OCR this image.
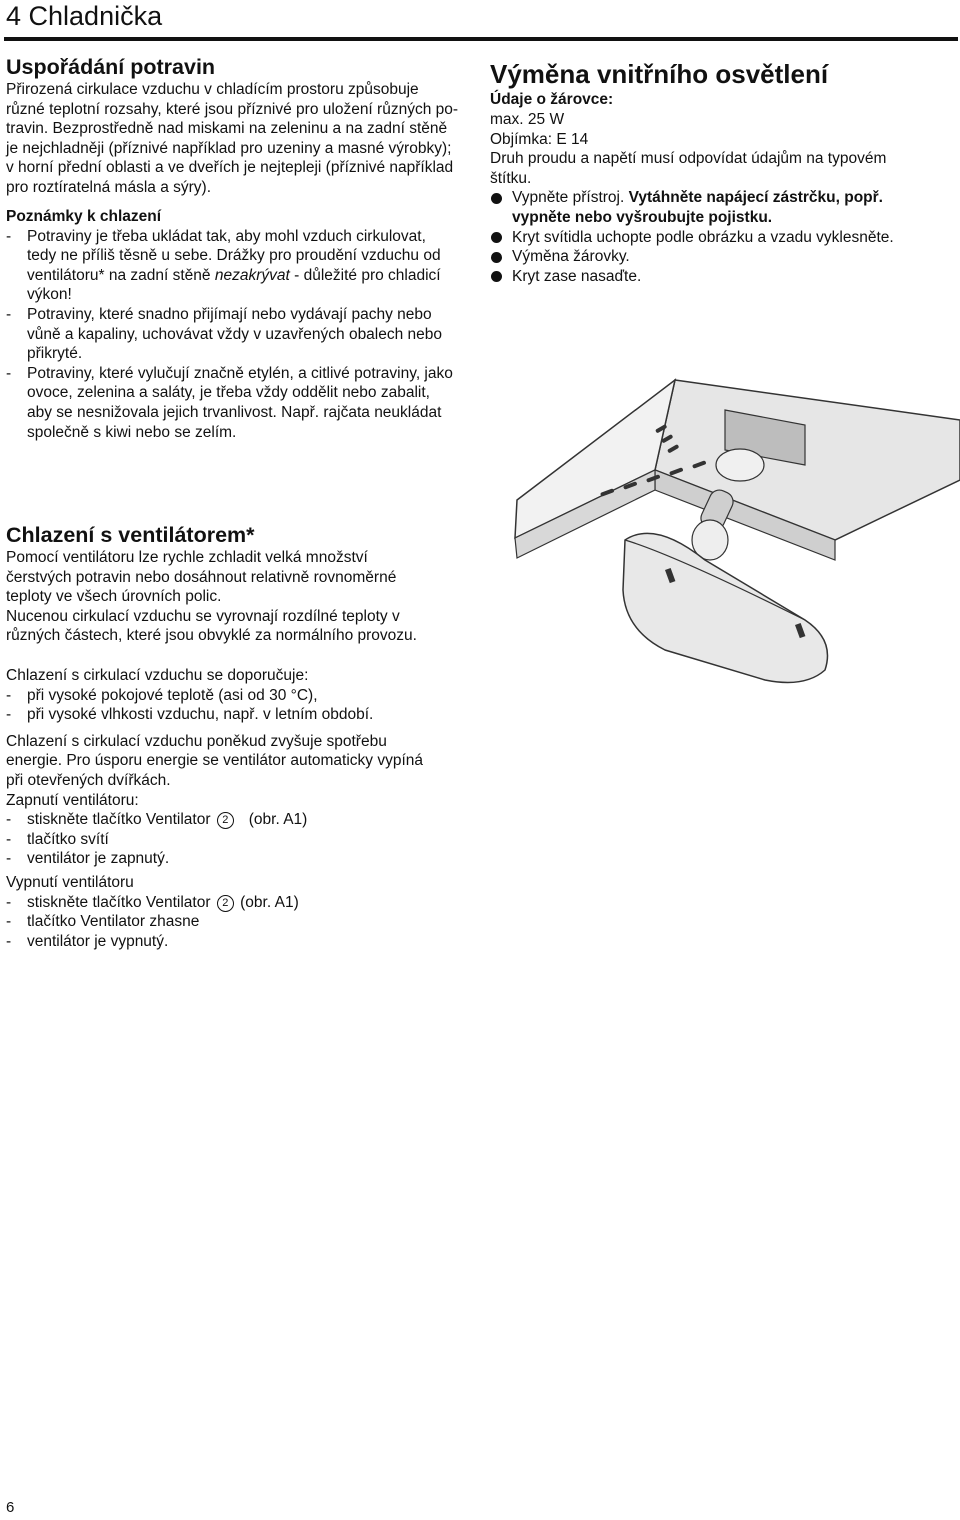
4 Chladnička
Uspořádání potravin

Přirozená cirkulace vzduchu v chladícím prostoru způsobuje

různé teplotní rozsahy, které jsou příznivé pro uložení různých po-

travin. Bezprostředně nad miskami na zeleninu a na zadní stěně

je nejchladněji (příznivé například pro uzeniny a masné výrobky);

v horní přední oblasti a ve dveřích je nejtepleji (příznivé například

pro roztíratelná másla a sýry).

Poznámky k chlazení
- Potraviny je třeba ukládat tak, aby mohl vzduch cirkulovat,

tedy ne příliš těsně u sebe. Drážky pro proudění vzduchu od

ventilátoru* na zadní stěně nezakrývat - důležité pro chladicí

výkon!

- Potraviny, které snadno přijímají nebo vydávají pachy nebo

vůně a kapaliny, uchovávat vždy v uzavřených obalech nebo

přikryté.

- Potraviny, které vylučují značně etylén, a citlivé potraviny, jako

ovoce, zelenina a saláty, je třeba vždy oddělit nebo zabalit,

aby se nesnižovala jejich trvanlivost. Např. rajčata neukládat

společně s kiwi nebo se zelím.

Chlazení s ventilátorem*

Pomocí ventilátoru lze rychle zchladit velká množství

čerstvých potravin nebo dosáhnout relativně rovnoměrné

teploty ve všech úrovních polic.

Nucenou cirkulací vzduchu se vyrovnají rozdílné teploty v

různých částech, které jsou obvyklé za normálního provozu.

Chlazení s cirkulací vzduchu se doporučuje:

- při vysoké pokojové teplotě (asi od 30 °C),
- při vysoké vlhkosti vzduchu, např. v letním období.

Chlazení s cirkulací vzduchu poněkud zvyšuje spotřebu

energie. Pro úsporu energie se ventilátor automaticky vypíná

při otevřených dvířkách.

Zapnutí ventilátoru:

- stiskněte tlačítko Ventilator 2 (obr. A1)
- tlačítko svítí
- ventilátor je zapnutý.

Vypnutí ventilátoru

- stiskněte tlačítko Ventilator 2 (obr. A1)
- tlačítko Ventilator zhasne
- ventilátor je vypnutý.
Výměna vnitřního osvětlení
Údaje o žárovce:

max. 25 W

Objímka: E 14

Druh proudu a napětí musí odpovídat údajům na typovém

štítku.

Vypněte přístroj. Vytáhněte napájecí zástrčku, popř.
vypněte nebo vyšroubujte pojistku.
Kryt svítidla uchopte podle obrázku a vzadu vyklesněte.
Výměna žárovky.
Kryt zase nasaďte.
6
